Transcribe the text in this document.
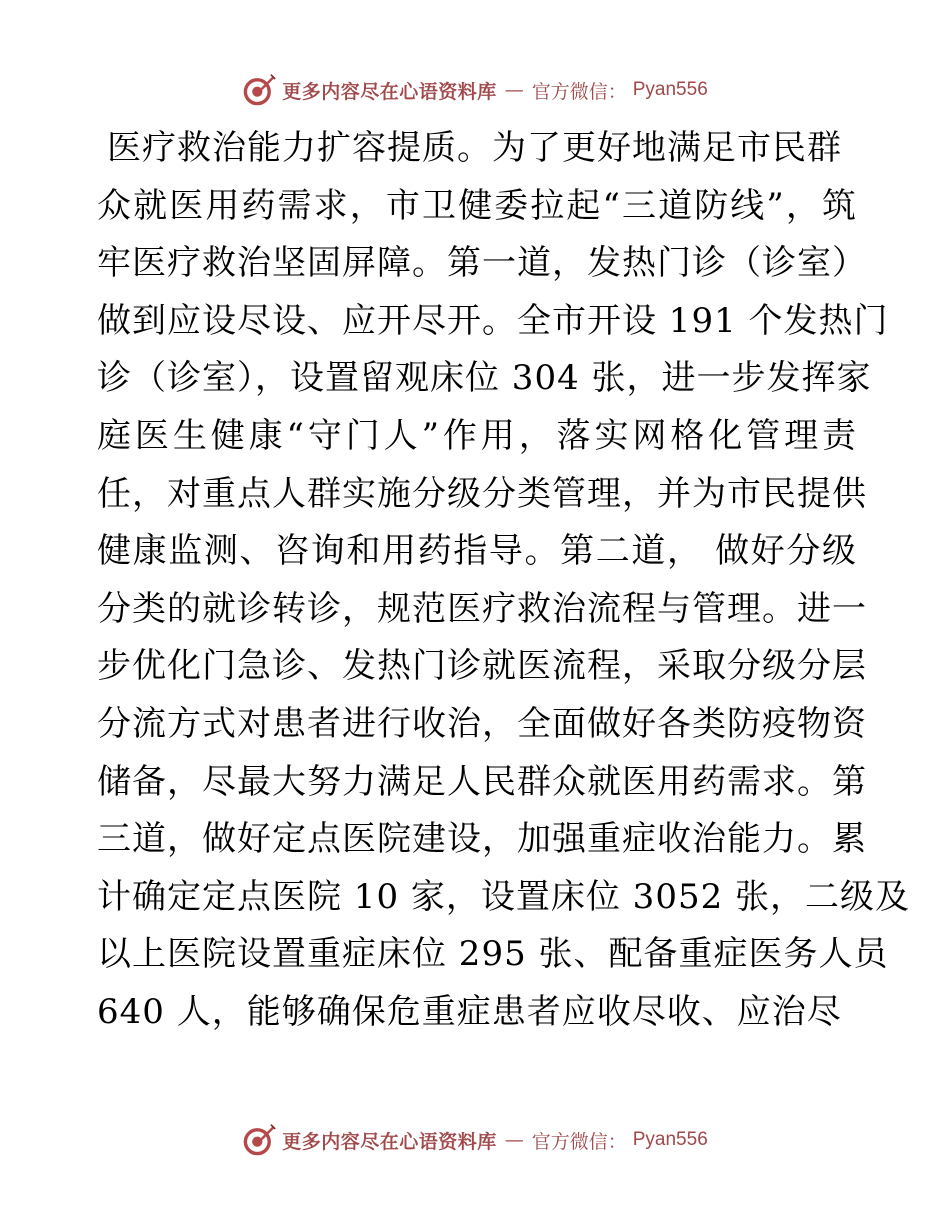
更多内容尽在心语资料库 — 官方微信： Pyan556
医疗救治能力扩容提质。为了更好地满足市民群
众就医用药需求，市卫健委拉起“三道防线”，筑
牢医疗救治坚固屏障。第一道，发热门诊（诊室）
做到应设尽设、应开尽开。全市开设 191 个发热门
诊（诊室），设置留观床位 304 张，进一步发挥家
庭医生健康“守门人”作用，落实网格化管理责
任，对重点人群实施分级分类管理，并为市民提供
健康监测、咨询和用药指导。第二道， 做好分级
分类的就诊转诊，规范医疗救治流程与管理。进一
步优化门急诊、发热门诊就医流程，采取分级分层
分流方式对患者进行收治，全面做好各类防疫物资
储备，尽最大努力满足人民群众就医用药需求。第
三道，做好定点医院建设，加强重症收治能力。累
计确定定点医院 10 家，设置床位 3052 张，二级及
以上医院设置重症床位 295 张、配备重症医务人员
640 人，能够确保危重症患者应收尽收、应治尽
更多内容尽在心语资料库 — 官方微信： Pyan556
